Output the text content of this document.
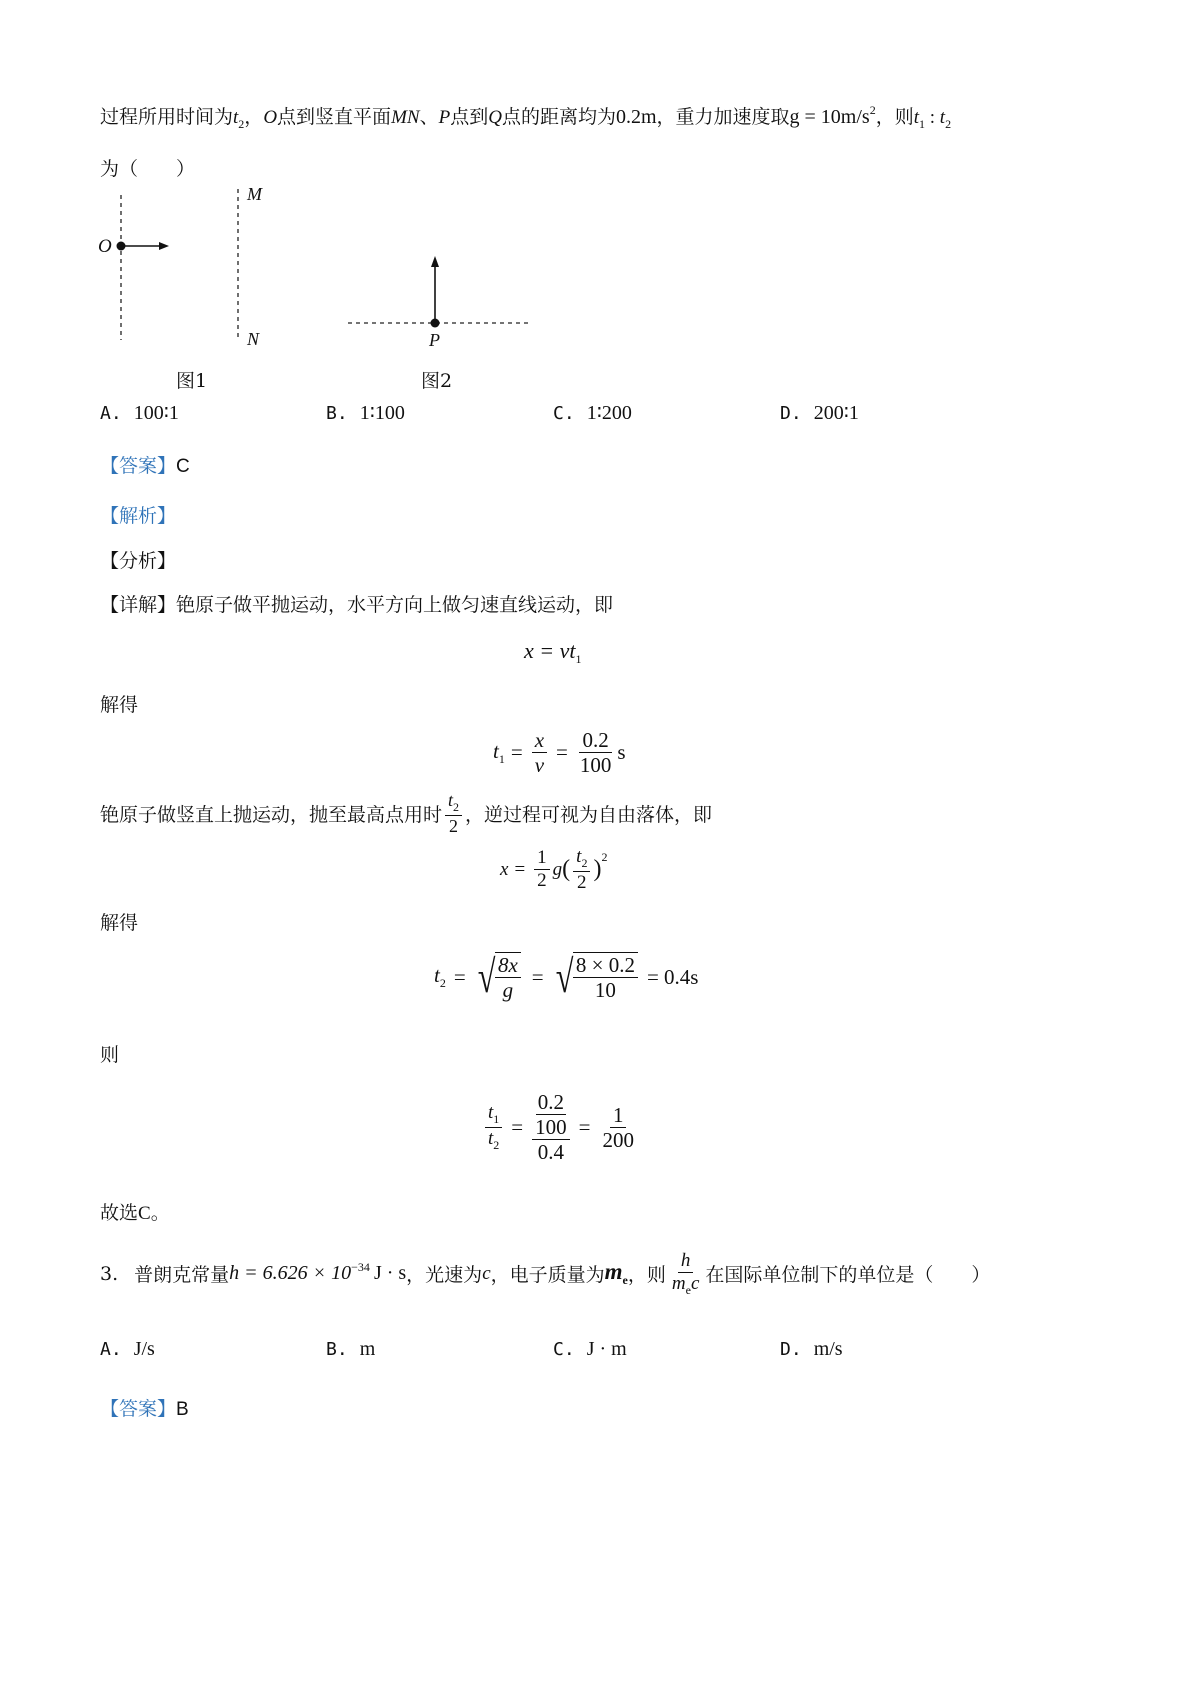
过程所用时间为$t_2$，O点到竖直平面MN、P点到Q点的距离均为0.2m，重力加速度取$g = 10m/s^2$，则$t_1$ : $t_2$
为（　　）
O
M
N
图1
P
图2
A. 100∶1	B. 1∶100	C. 1∶200	D. 200∶1
【答案】C
【解析】
【分析】
【详解】铯原子做平抛运动，水平方向上做匀速直线运动，即
$x = vt_1$
解得
$t_1 = \frac{x}{v} = \frac{0.2}{100}$ s
铯原子做竖直上抛运动，抛至最高点用时 $\frac{t_2}{2}$ ，逆过程可视为自由落体，即
$x = \frac{1}{2}$ g ( $\frac{t_2}{2}$ ) 2
解得
$t_2$ = √ $\frac{8x}{g}$ = √ $\frac{8 \times 0.2}{10} = 0.4s$
则
$\frac{t_1}{t_2} = 0.2$
100
$0.4 = \frac{1}{200}$
故选C。
3. 普朗克常量 $h = 6.626 \times 10^{-34}$ J · s ，光速为 c ，电子质量为 $m_e$ ，则 $\frac{h}{m_ec}$ 在国际单位制下的单位是（　　）
A. J/s	B. m	C. J · m	D. m/s
【答案】B
